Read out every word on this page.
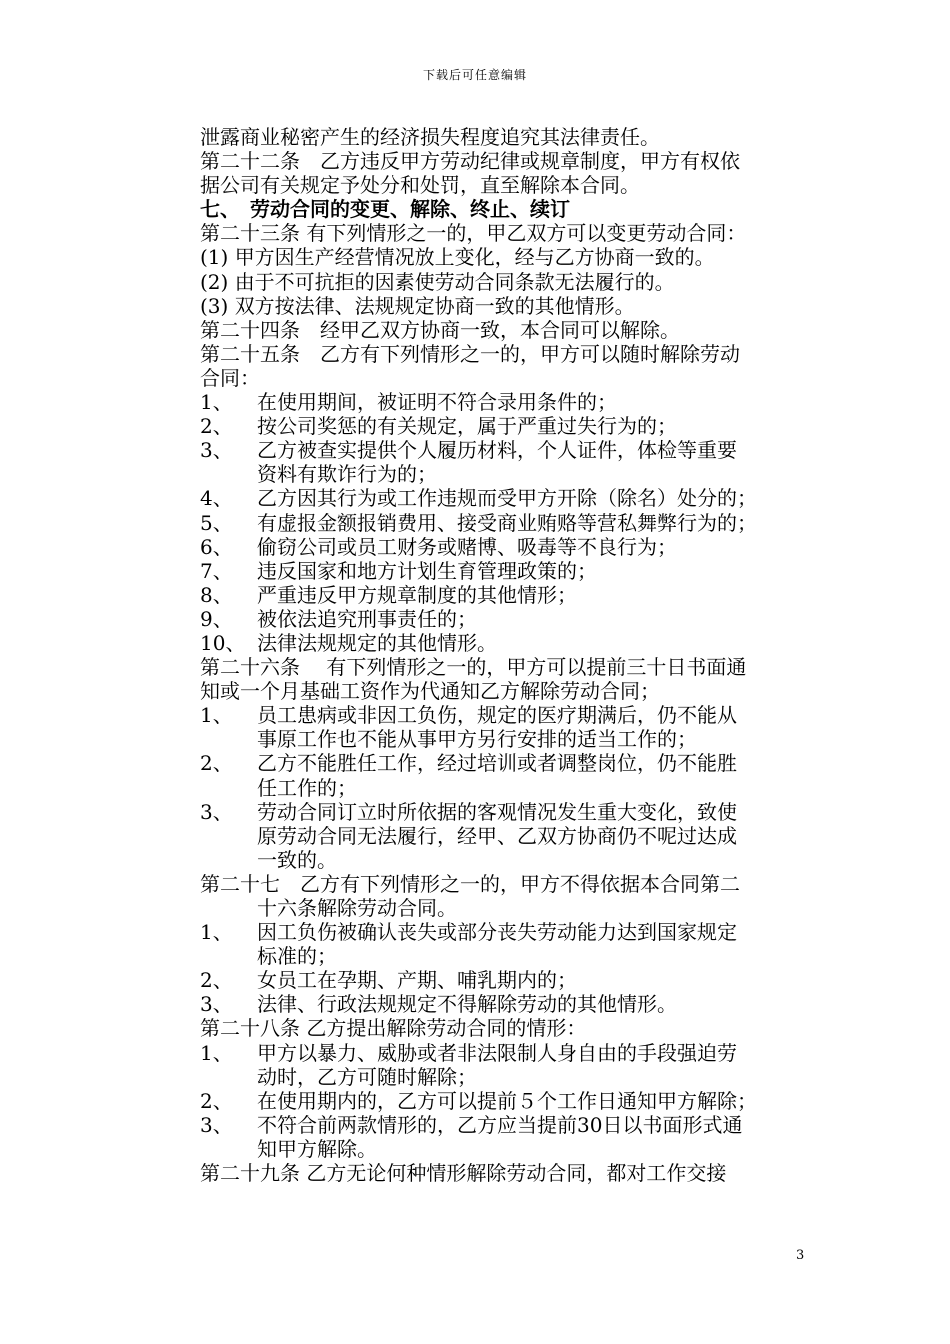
下载后可任意编辑
泄露商业秘密产生的经济损失程度追究其法律责任。
第二十二条　乙方违反甲方劳动纪律或规章制度，甲方有权依
据公司有关规定予处分和处罚，直至解除本合同。
七、　劳动合同的变更、解除、终止、续订
第二十三条 有下列情形之一的，甲乙双方可以变更劳动合同：
(1) 甲方因生产经营情况放上变化，经与乙方协商一致的。
(2) 由于不可抗拒的因素使劳动合同条款无法履行的。
(3) 双方按法律、法规规定协商一致的其他情形。
第二十四条　经甲乙双方协商一致，本合同可以解除。
第二十五条　乙方有下列情形之一的，甲方可以随时解除劳动
合同：
1、	在使用期间，被证明不符合录用条件的；
2、	按公司奖惩的有关规定，属于严重过失行为的；
3、	乙方被查实提供个人履历材料，个人证件，体检等重要
资料有欺诈行为的；
4、	乙方因其行为或工作违规而受甲方开除（除名）处分的；
5、	有虚报金额报销费用、接受商业贿赂等营私舞弊行为的；
6、	偷窃公司或员工财务或赌博、吸毒等不良行为；
7、	违反国家和地方计划生育管理政策的；
8、	严重违反甲方规章制度的其他情形；
9、	被依法追究刑事责任的；
10、 法律法规规定的其他情形。
第二十六条　 有下列情形之一的，甲方可以提前三十日书面通
知或一个月基础工资作为代通知乙方解除劳动合同；
1、	员工患病或非因工负伤，规定的医疗期满后，仍不能从
事原工作也不能从事甲方另行安排的适当工作的；
2、	乙方不能胜任工作，经过培训或者调整岗位，仍不能胜
任工作的；
3、	劳动合同订立时所依据的客观情况发生重大变化，致使
原劳动合同无法履行，经甲、乙双方协商仍不呢过达成
一致的。
第二十七　乙方有下列情形之一的，甲方不得依据本合同第二
十六条解除劳动合同。
1、	因工负伤被确认丧失或部分丧失劳动能力达到国家规定
标准的；
2、	女员工在孕期、产期、哺乳期内的；
3、	法律、行政法规规定不得解除劳动的其他情形。
第二十八条 乙方提出解除劳动合同的情形：
1、	甲方以暴力、威胁或者非法限制人身自由的手段强迫劳
动时，乙方可随时解除；
2、	在使用期内的，乙方可以提前５个工作日通知甲方解除；
3、	不符合前两款情形的，乙方应当提前30日以书面形式通
知甲方解除。
第二十九条 乙方无论何种情形解除劳动合同，都对工作交接
3
